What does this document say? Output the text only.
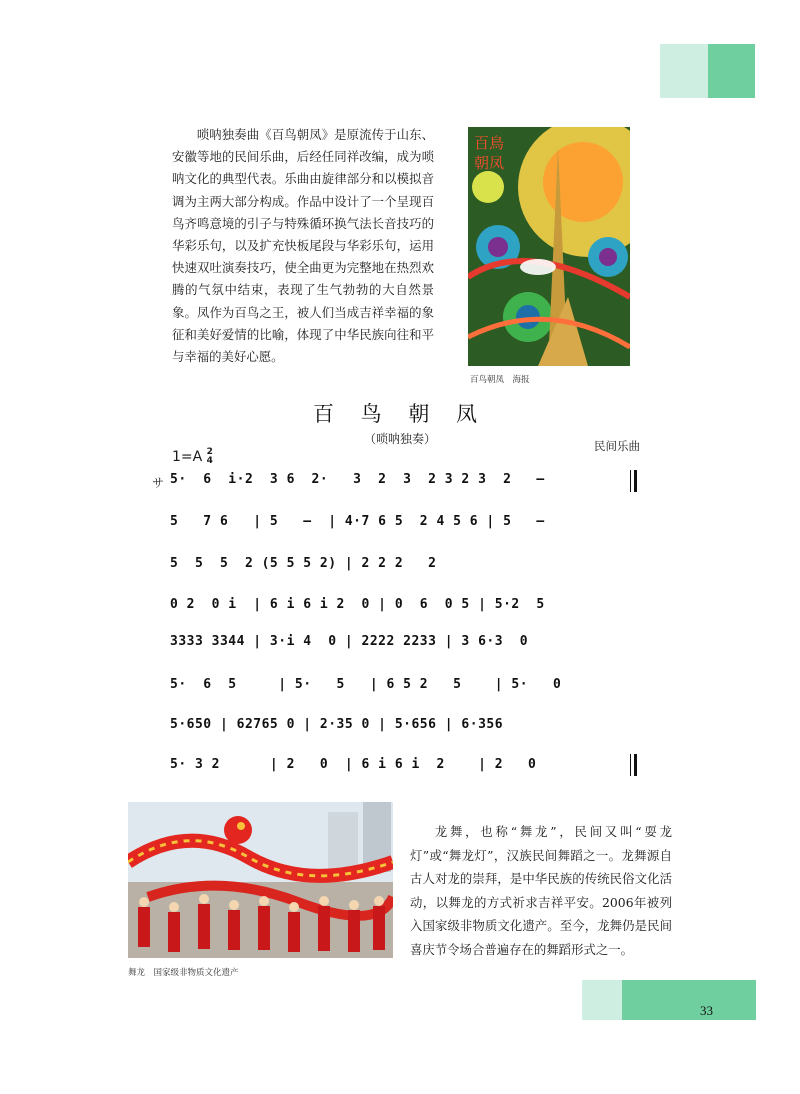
唢呐独奏曲《百鸟朝凤》是原流传于山东、安徽等地的民间乐曲，后经任同祥改编，成为唢呐文化的典型代表。乐曲由旋律部分和以模拟音调为主两大部分构成。作品中设计了一个呈现百鸟齐鸣意境的引子与特殊循环换气法长音技巧的华彩乐句，以及扩充快板尾段与华彩乐句，运用快速双吐演奏技巧，使全曲更为完整地在热烈欢腾的气氛中结束，表现了生气勃勃的大自然景象。凤作为百鸟之王，被人们当成吉祥幸福的象征和美好爱情的比喻，体现了中华民族向往和平与幸福的美好心愿。

百鳥
朝凤
百鸟朝凤　海报
百 鸟 朝 凤
（唢呐独奏）	民间乐曲
1=A 2
4
サ 5·  6  i·2  3 6  2·   3  2  3  2 3 2 3  2   –
5   7 6   | 5   –  | 4·7 6 5  2 4 5 6 | 5   –
5  5  5  2 (5 5 5 2) | 2 2 2   2
0 2  0 i  | 6 i 6 i 2  0 | 0  6  0 5 | 5·2  5
3333 3344 | 3·i 4  0 | 2222 2233 | 3 6·3  0
5·  6  5     | 5·   5   | 6 5 2   5    | 5·   0
5·650 | 62765 0 | 2·35 0 | 5·656 | 6·356
5· 3 2      | 2   0  | 6 i 6 i  2    | 2   0
舞龙　国家级非物质文化遗产

龙舞，也称“舞龙”，民间又叫“耍龙灯”或“舞龙灯”，汉族民间舞蹈之一。龙舞源自古人对龙的崇拜，是中华民族的传统民俗文化活动，以舞龙的方式祈求吉祥平安。2006年被列入国家级非物质文化遗产。至今，龙舞仍是民间喜庆节令场合普遍存在的舞蹈形式之一。

33
